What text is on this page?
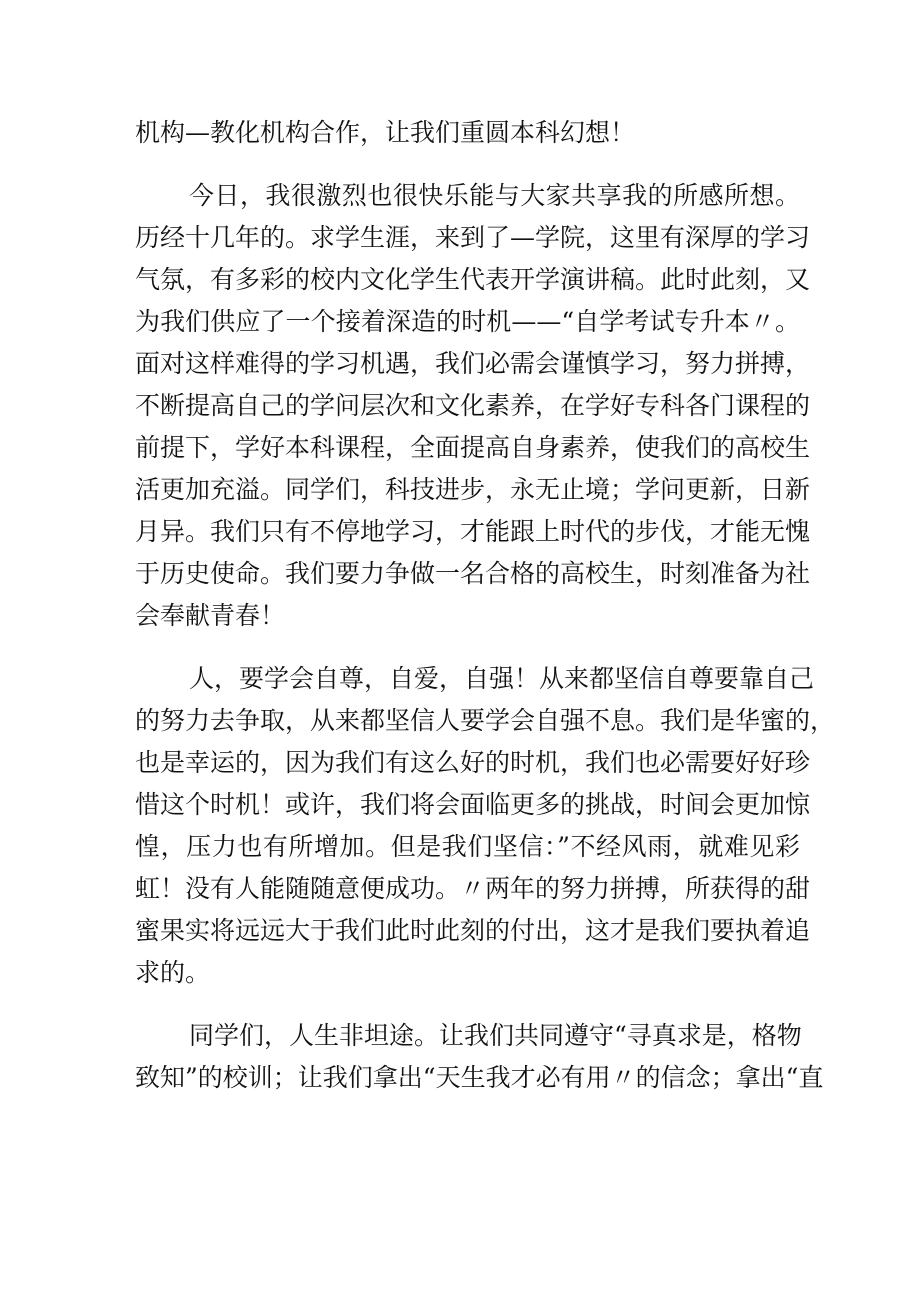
机构—教化机构合作，让我们重圆本科幻想！
今日，我很激烈也很快乐能与大家共享我的所感所想。
历经十几年的。求学生涯，来到了—学院，这里有深厚的学习
气氛，有多彩的校内文化学生代表开学演讲稿。此时此刻，又
为我们供应了一个接着深造的时机——“自学考试专升本〃。
面对这样难得的学习机遇，我们必需会谨慎学习，努力拼搏，
不断提高自己的学问层次和文化素养，在学好专科各门课程的
前提下，学好本科课程，全面提高自身素养，使我们的高校生
活更加充溢。同学们，科技进步，永无止境；学问更新，日新
月异。我们只有不停地学习，才能跟上时代的步伐，才能无愧
于历史使命。我们要力争做一名合格的高校生，时刻准备为社
会奉献青春！
人，要学会自尊，自爱，自强！从来都坚信自尊要靠自己
的努力去争取，从来都坚信人要学会自强不息。我们是华蜜的，
也是幸运的，因为我们有这么好的时机，我们也必需要好好珍
惜这个时机！或许，我们将会面临更多的挑战，时间会更加惊
惶，压力也有所增加。但是我们坚信：”不经风雨，就难见彩
虹！没有人能随随意便成功。〃两年的努力拼搏，所获得的甜
蜜果实将远远大于我们此时此刻的付出，这才是我们要执着追
求的。
同学们，人生非坦途。让我们共同遵守“寻真求是，格物
致知”的校训；让我们拿出“天生我才必有用〃的信念；拿出“直
